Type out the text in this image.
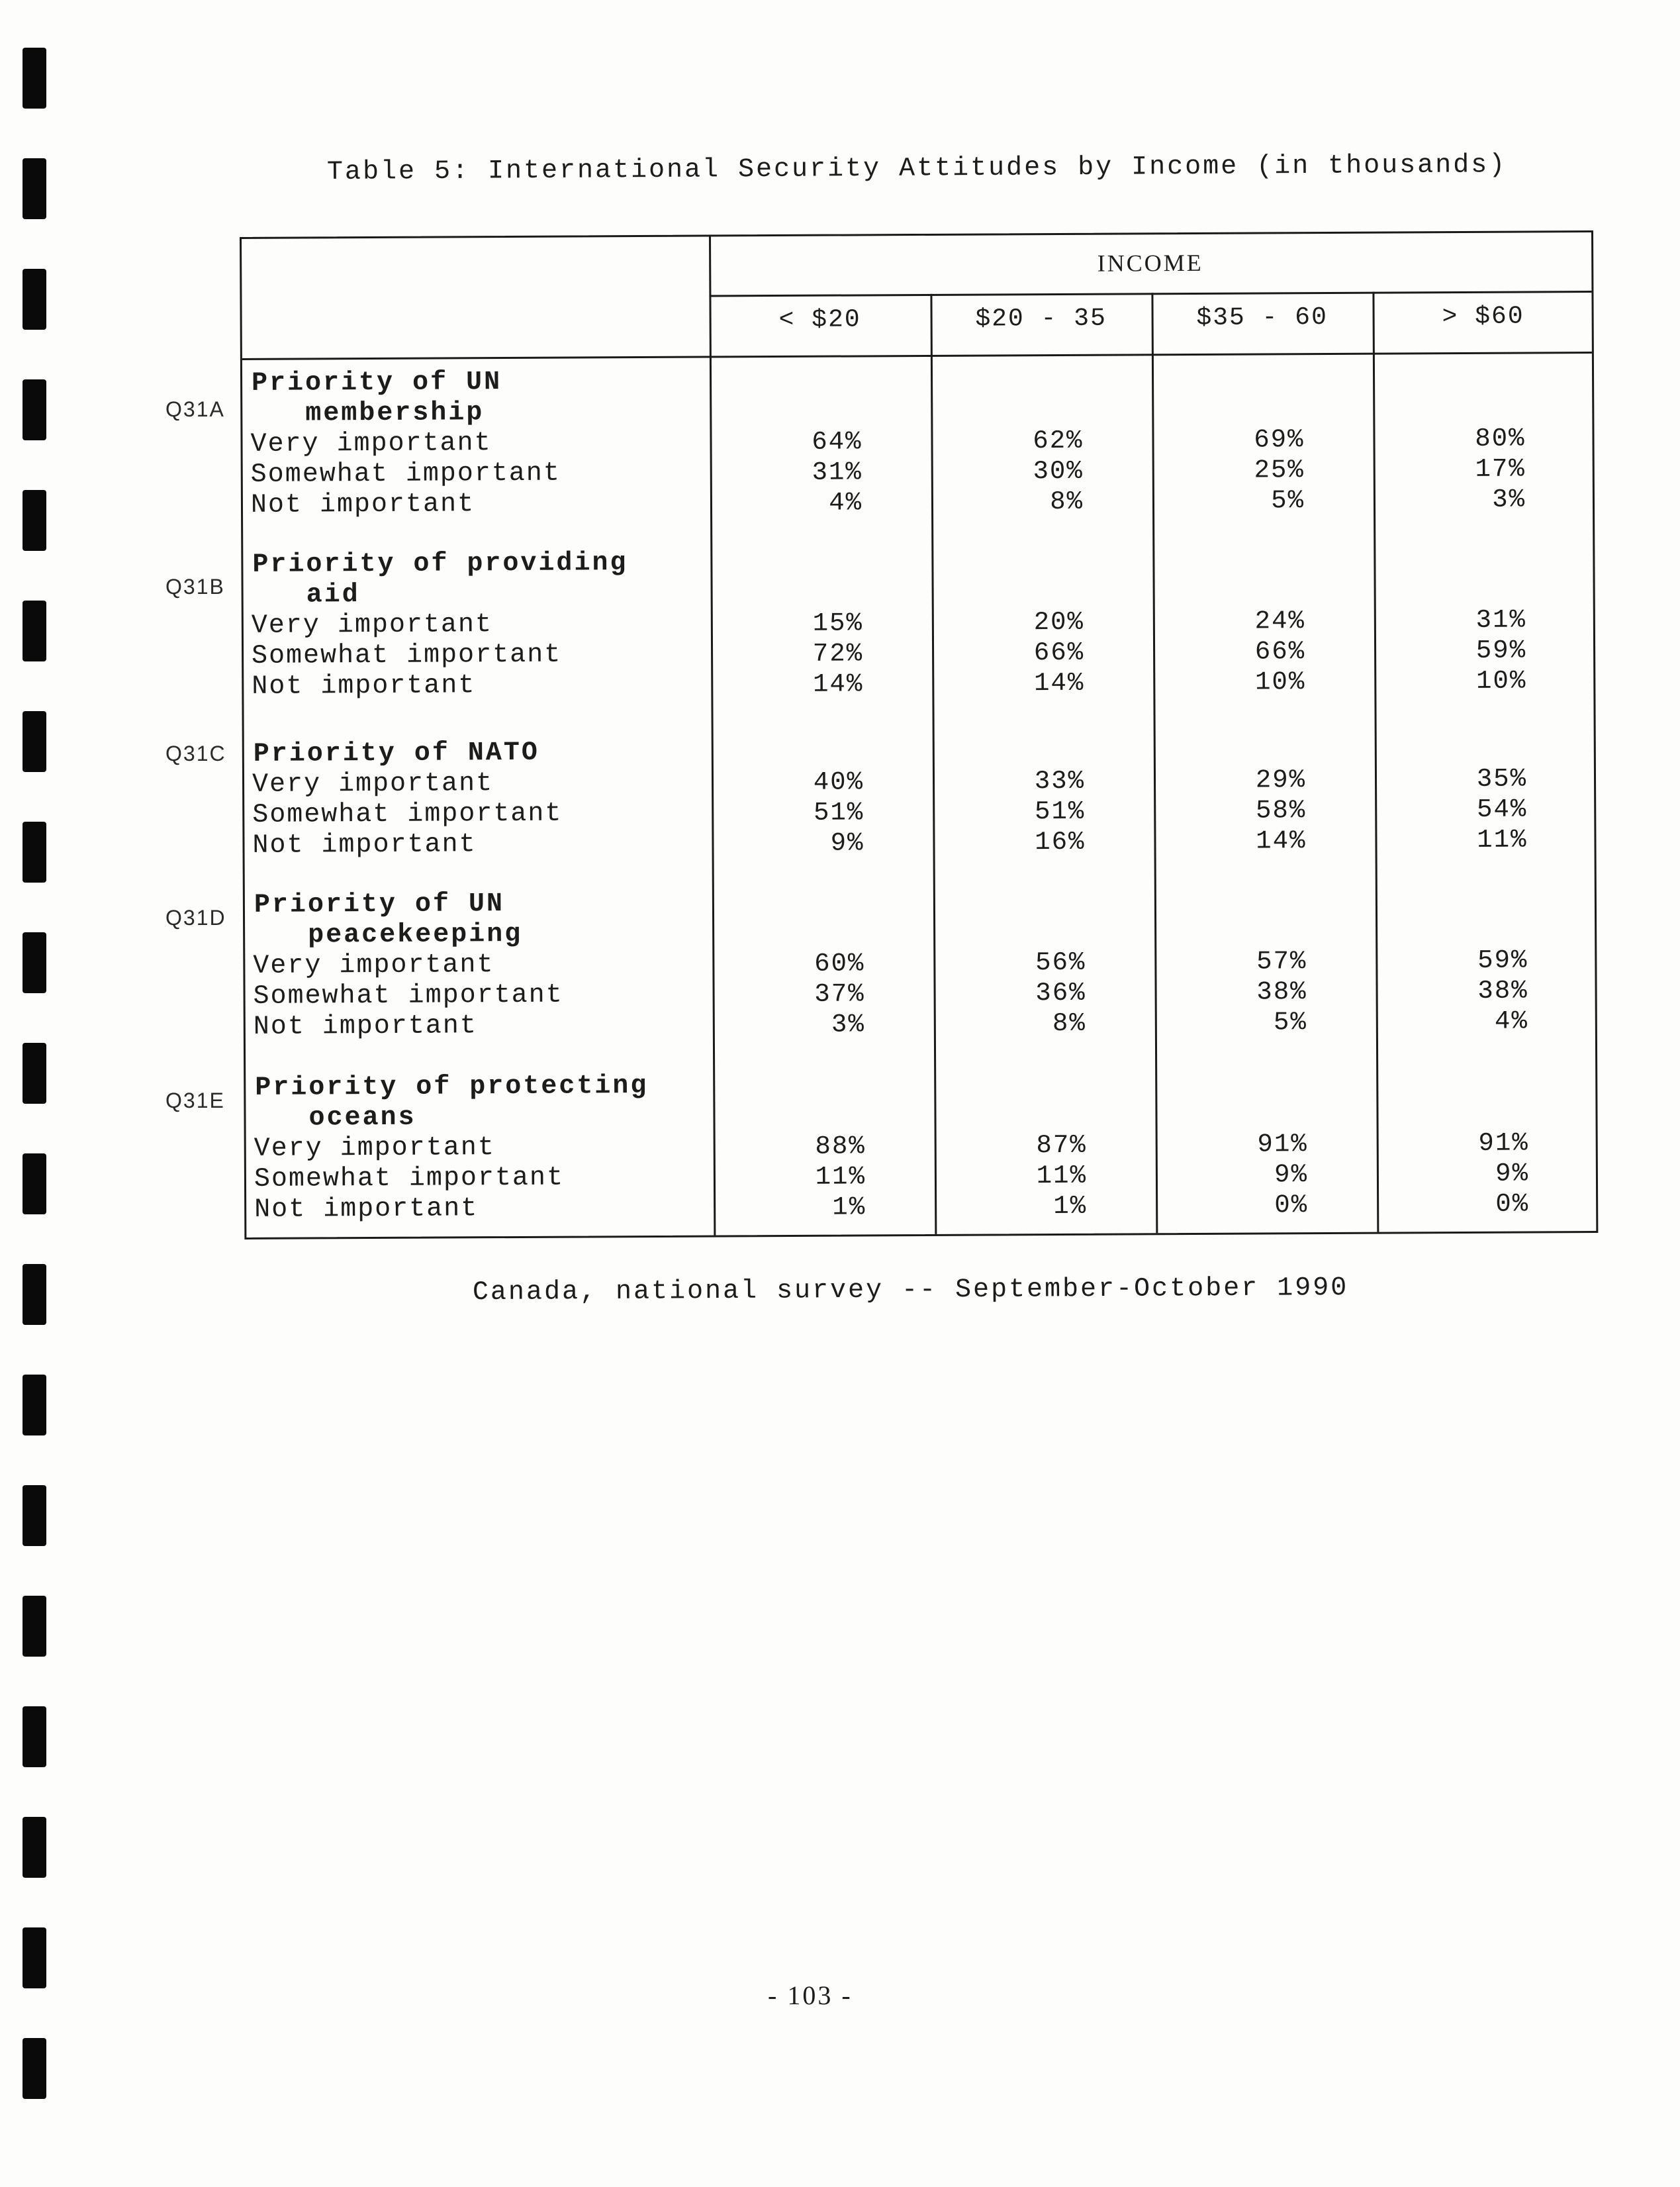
Table 5: International Security Attitudes by Income (in thousands)
Q31A
Q31B
Q31C
Q31D
Q31E
INCOME
< $20	$20 - 35	$35 - 60	> $60
Priority of UN
membership
Very important	64%	62%	69%	80%
Somewhat important	31%	30%	25%	17%
Not important	4%	8%	5%	3%
Priority of providing
aid
Very important	15%	20%	24%	31%
Somewhat important	72%	66%	66%	59%
Not important	14%	14%	10%	10%
Priority of NATO
Very important	40%	33%	29%	35%
Somewhat important	51%	51%	58%	54%
Not important	9%	16%	14%	11%
Priority of UN
peacekeeping
Very important	60%	56%	57%	59%
Somewhat important	37%	36%	38%	38%
Not important	3%	8%	5%	4%
Priority of protecting
oceans
Very important	88%	87%	91%	91%
Somewhat important	11%	11%	9%	9%
Not important	1%	1%	0%	0%
Canada, national survey -- September-October 1990
- 103 -
